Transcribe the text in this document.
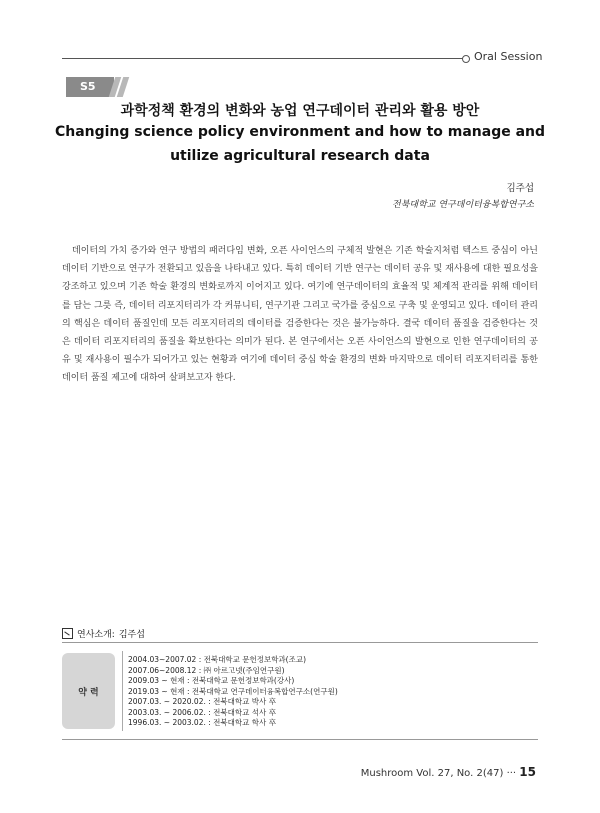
Oral Session
S5
과학정책 환경의 변화와 농업 연구데이터 관리와 활용 방안
Changing science policy environment and how to manage and
utilize agricultural research data
김주섭
전북대학교 연구데이터융복합연구소

데이터의 가치 증가와 연구 방법의 패러다임 변화, 오픈 사이언스의 구체적 발현은 기존 학술지처럼 텍스트 중심이 아닌 데이터 기반으로 연구가 전환되고 있음을 나타내고 있다. 특히 데이터 기반 연구는 데이터 공유 및 재사용에 대한 필요성을 강조하고 있으며 기존 학술 환경의 변화로까지 이어지고 있다. 여기에 연구데이터의 효율적 및 체계적 관리를 위해 데이터를 담는 그릇 즉, 데이터 리포지터리가 각 커뮤니티, 연구기관 그리고 국가를 중심으로 구축 및 운영되고 있다. 데이터 관리의 핵심은 데이터 품질인데 모든 리포지터리의 데이터를 검증한다는 것은 불가능하다. 결국 데이터 품질을 검증한다는 것은 데이터 리포지터리의 품질을 확보한다는 의미가 된다. 본 연구에서는 오픈 사이언스의 발현으로 인한 연구데이터의 공유 및 재사용이 필수가 되어가고 있는 현황과 여기에 데이터 중심 학술 환경의 변화 마지막으로 데이터 리포지터리를 통한 데이터 품질 제고에 대하여 살펴보고자 한다.

연사소개: 김주섭
약 력
2004.03~2007.02 : 전북대학교 문헌정보학과(조교)
2007.06~2008.12 : ㈜ 아르고넷(주임연구원)
2009.03 ~ 현재 : 전북대학교 문헌정보학과(강사)
2019.03 ~ 현재 : 전북대학교 연구데이터융복합연구소(연구원)
2007.03. ~ 2020.02. : 전북대학교 박사 卒
2003.03. ~ 2006.02. : 전북대학교 석사 卒
1996.03. ~ 2003.02. : 전북대학교 학사 卒
Mushroom Vol. 27, No. 2(47) ··· 15
